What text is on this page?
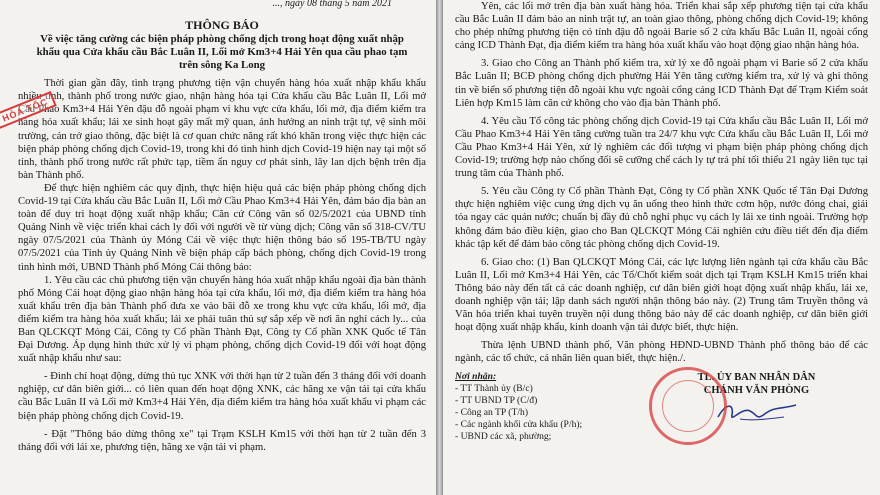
..., ngày 08 tháng 5 năm 2021

THÔNG BÁO

Về việc tăng cường các biện pháp phòng chống dịch trong hoạt động xuất nhập khẩu qua Cửa khẩu cầu Bắc Luân II, Lối mở Km3+4 Hải Yên qua cầu phao tạm trên sông Ka Long

HỎA TỐC

Thời gian gần đây, tình trạng phương tiện vận chuyển hàng hóa xuất nhập khẩu khẩu nhiều tỉnh, thành phố trong nước giao, nhận hàng hóa tại Cửa khẩu cầu Bắc Luân II, Lối mở Cầu Phao Km3+4 Hải Yên đậu đỗ ngoài phạm vi khu vực cửa khẩu, lối mở, địa điểm kiểm tra hàng hóa xuất khẩu; lái xe sinh hoạt gây mất mỹ quan, ảnh hưởng an ninh trật tự, vệ sinh môi trường, cản trở giao thông, đặc biệt là cơ quan chức năng rất khó khăn trong việc thực hiện các biện pháp phòng chống dịch Covid-19, trong khi đó tình hình dịch Covid-19 hiện nay tại một số tỉnh, thành phố trong nước rất phức tạp, tiềm ẩn nguy cơ phát sinh, lây lan dịch bệnh trên địa bàn Thành phố.

Để thực hiện nghiêm các quy định, thực hiện hiệu quả các biện pháp phòng chống dịch Covid-19 tại Cửa khẩu cầu Bắc Luân II, Lối mở Cầu Phao Km3+4 Hải Yên, đảm bảo địa bàn an toàn để duy trì hoạt động xuất nhập khẩu; Căn cứ Công văn số 02/5/2021 của UBND tỉnh Quảng Ninh về việc triển khai cách ly đối với người về từ vùng dịch; Công văn số 318-CV/TU ngày 07/5/2021 của Thành ủy Móng Cái về việc thực hiện thông báo số 195-TB/TU ngày 07/5/2021 của Tỉnh ủy Quảng Ninh về biện pháp cấp bách phòng, chống dịch Covid-19 trong tình hình mới, UBND Thành phố Móng Cái thông báo:

1. Yêu cầu các chủ phương tiện vận chuyển hàng hóa xuất nhập khẩu ngoài địa bàn thành phố Móng Cái hoạt động giao nhận hàng hóa tại cửa khẩu, lối mở, địa điểm kiểm tra hàng hóa xuất khẩu trên địa bàn Thành phố đưa xe vào bãi đỗ xe trong khu vực cửa khẩu, lối mở, địa điểm kiểm tra hàng hóa xuất khẩu; lái xe phải tuân thủ sự sắp xếp về nơi ăn nghỉ cách ly... của Ban QLCKQT Móng Cái, Công ty Cổ phần Thành Đạt, Công ty Cổ phần XNK Quốc tế Tân Đại Dương. Áp dụng hình thức xử lý vi phạm phòng, chống dịch Covid-19 đối với hoạt động xuất nhập khẩu như sau:

- Đình chỉ hoạt động, dừng thủ tục XNK với thời hạn từ 2 tuần đến 3 tháng đối với doanh nghiệp, cư dân biên giới... có liên quan đến hoạt động XNK, các hãng xe vận tải tại cửa khẩu cầu Bắc Luân II và Lối mở Km3+4 Hải Yên, địa điểm kiểm tra hàng hóa xuất khẩu vi phạm các biện pháp phòng chống dịch Covid-19.

- Đặt "Thông báo dừng thông xe" tại Trạm KSLH Km15 với thời hạn từ 2 tuần đến 3 tháng đối với lái xe, phương tiện, hãng xe vận tải vi phạm.

Yên, các lối mở trên địa bàn xuất hàng hóa. Triển khai sắp xếp phương tiện tại cửa khẩu cầu Bắc Luân II đảm bảo an ninh trật tự, an toàn giao thông, phòng chống dịch Covid-19; không cho phép những phương tiện có tính đậu đỗ ngoài Barie số 2 cửa khẩu Bắc Luân II, ngoài cổng cảng ICD Thành Đạt, địa điểm kiểm tra hàng hóa xuất khẩu vào hoạt động giao nhận hàng hóa.

3. Giao cho Công an Thành phố kiểm tra, xử lý xe đỗ ngoài phạm vi Barie số 2 cửa khẩu Bắc Luân II; BCĐ phòng chống dịch phường Hải Yên tăng cường kiểm tra, xử lý và ghi thông tin về biển số phương tiện đỗ ngoài khu vực ngoài cổng cảng ICD Thành Đạt để Trạm Kiểm soát Liên hợp Km15 làm căn cứ không cho vào địa bàn Thành phố.

4. Yêu cầu Tổ công tác phòng chống dịch Covid-19 tại Cửa khẩu cầu Bắc Luân II, Lối mở Cầu Phao Km3+4 Hải Yên tăng cường tuần tra 24/7 khu vực Cửa khẩu cầu Bắc Luân II, Lối mở Cầu Phao Km3+4 Hải Yên, xử lý nghiêm các đối tượng vi phạm biện pháp phòng chống dịch Covid-19; trường hợp nào chống đối sẽ cưỡng chế cách ly tự trả phí tối thiểu 21 ngày liên tục tại trung tâm của Thành phố.

5. Yêu cầu Công ty Cổ phần Thành Đạt, Công ty Cổ phần XNK Quốc tế Tân Đại Dương thực hiện nghiêm việc cung ứng dịch vụ ăn uống theo hình thức cơm hộp, nước đóng chai, giải tỏa ngay các quán nước; chuẩn bị đầy đủ chỗ nghỉ phục vụ cách ly lái xe tinh ngoài. Trường hợp không đảm bảo điều kiện, giao cho Ban QLCKQT Móng Cái nghiên cứu điều tiết đến địa điểm khác tập kết để đảm bảo công tác phòng chống dịch Covid-19.

6. Giao cho: (1) Ban QLCKQT Móng Cái, các lực lượng liên ngành tại cửa khẩu cầu Bắc Luân II, Lối mở Km3+4 Hải Yên, các Tổ/Chốt kiểm soát dịch tại Trạm KSLH Km15 triển khai Thông báo này đến tất cả các doanh nghiệp, cư dân biên giới hoạt động xuất nhập khẩu, lái xe, doanh nghiệp vận tải; lập danh sách người nhận thông báo này. (2) Trung tâm Truyền thông và Văn hóa triển khai tuyên truyền nội dung thông báo này để các doanh nghiệp, cư dân biên giới hoạt động xuất nhập khẩu, kinh doanh vận tải được biết, thực hiện.

Thừa lệnh UBND thành phố, Văn phòng HĐND-UBND Thành phố thông báo để các ngành, các tổ chức, cá nhân liên quan biết, thực hiện./.

Nơi nhận:
- TT Thành ủy (B/c)
- TT UBND TP (C/đ)
- Công an TP (T/h)
- Các ngành khối cửa khẩu (P/h);
- UBND các xã, phường;
TL. ỦY BAN NHÂN DÂN
CHÁNH VĂN PHÒNG
